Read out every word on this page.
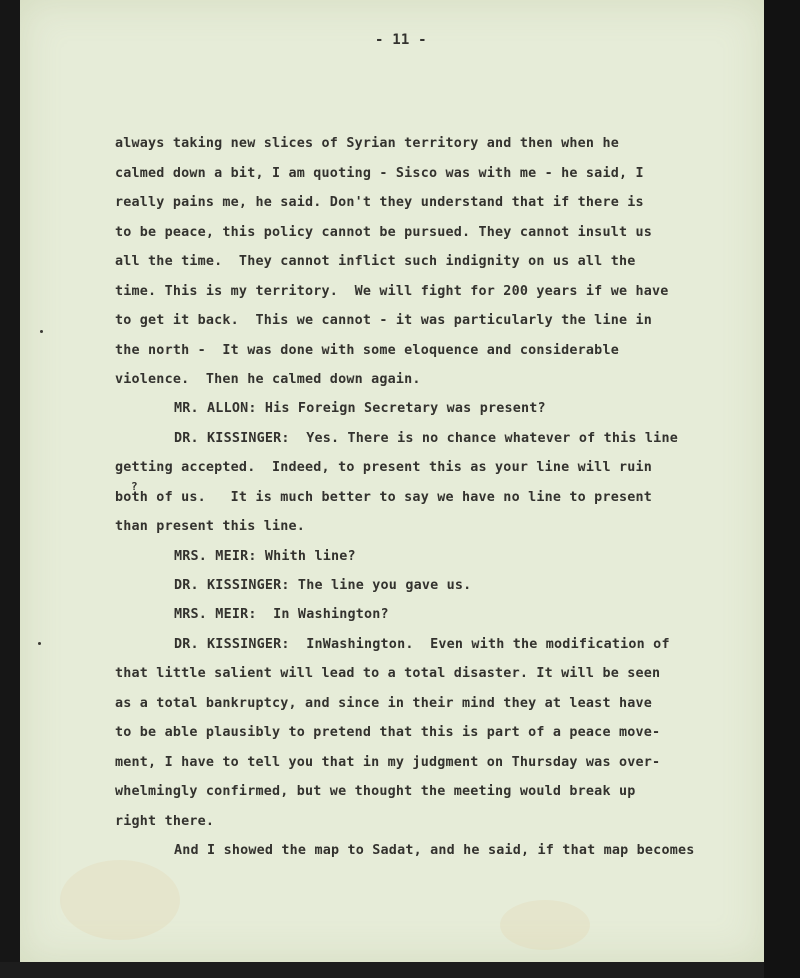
- 11 -
always taking new slices of Syrian territory and then when he
calmed down a bit, I am quoting - Sisco was with me - he said, I
really pains me, he said. Don't they understand that if there is
to be peace, this policy cannot be pursued. They cannot insult us
all the time.  They cannot inflict such indignity on us all the
time. This is my territory.  We will fight for 200 years if we have
to get it back.  This we cannot - it was particularly the line in
the north -  It was done with some eloquence and considerable
violence.  Then he calmed down again.
MR. ALLON: His Foreign Secretary was present?
DR. KISSINGER:  Yes. There is no chance whatever of this line
getting accepted.  Indeed, to present this as your line will ruin
?
both of us.   It is much better to say we have no line to present
than present this line.
MRS. MEIR: Whith line?
DR. KISSINGER: The line you gave us.
MRS. MEIR:  In Washington?
DR. KISSINGER:  InWashington.  Even with the modification of
that little salient will lead to a total disaster. It will be seen
as a total bankruptcy, and since in their mind they at least have
to be able plausibly to pretend that this is part of a peace move-
ment, I have to tell you that in my judgment on Thursday was over-
whelmingly confirmed, but we thought the meeting would break up
right there.
And I showed the map to Sadat, and he said, if that map becomes
